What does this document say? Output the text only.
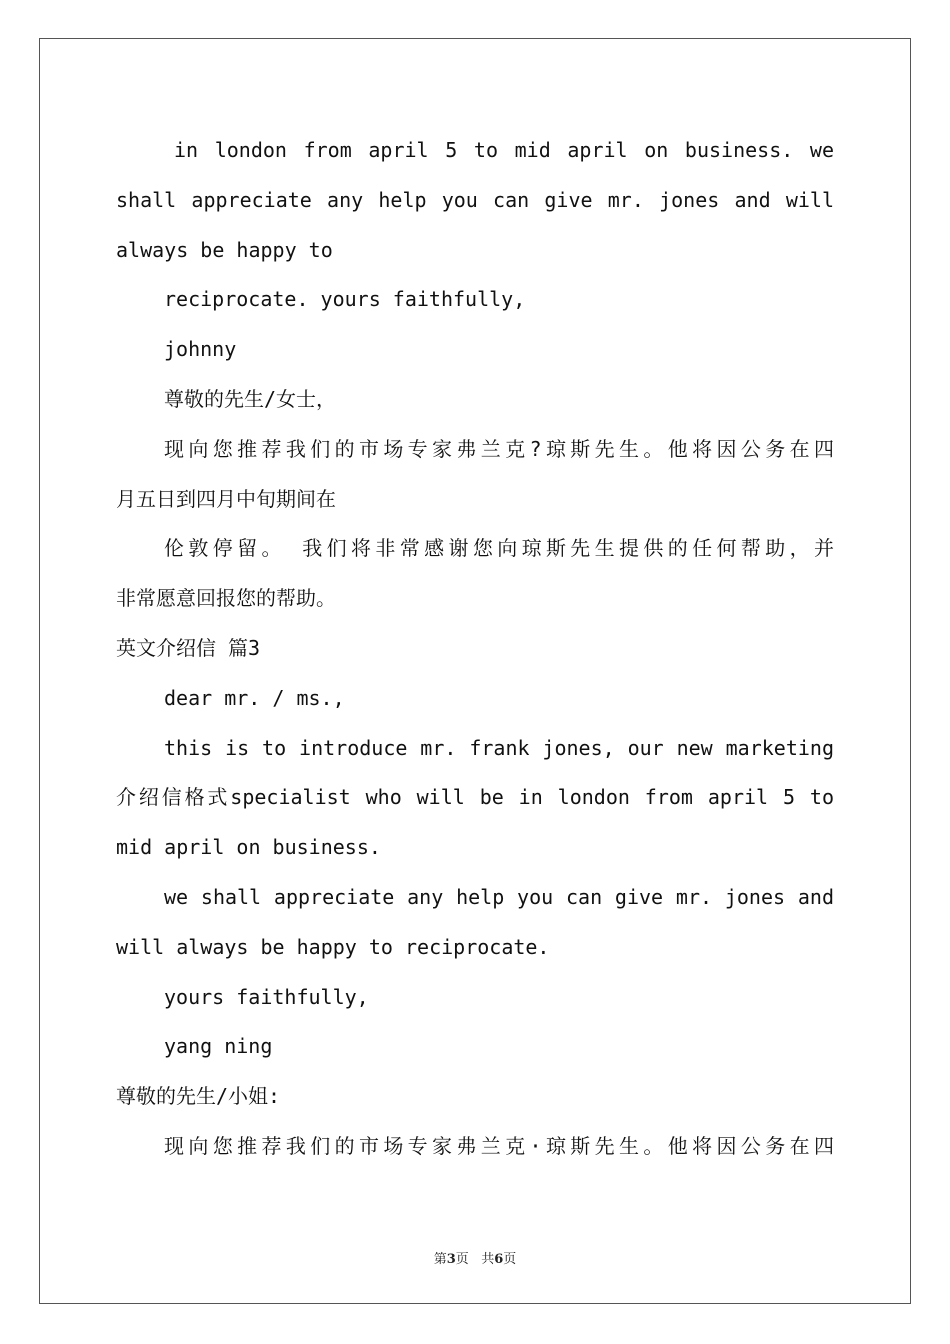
in london from april 5 to mid april on business. we
shall appreciate any help you can give mr. jones and will
always be happy to
reciprocate. yours faithfully,
johnny
尊敬的先生/女士，
现向您推荐我们的市场专家弗兰克?琼斯先生。他将因公务在四
月五日到四月中旬期间在
伦敦停留。 我们将非常感谢您向琼斯先生提供的任何帮助，并
非常愿意回报您的帮助。
英文介绍信 篇3
dear mr. / ms.,
this is to introduce mr. frank jones, our new marketing
介绍信格式specialist who will be in london from april 5 to
mid april on business.
we shall appreciate any help you can give mr. jones and
will always be happy to reciprocate.
yours faithfully,
yang ning
尊敬的先生/小姐:
现向您推荐我们的市场专家弗兰克·琼斯先生。他将因公务在四
第3页 共6页
